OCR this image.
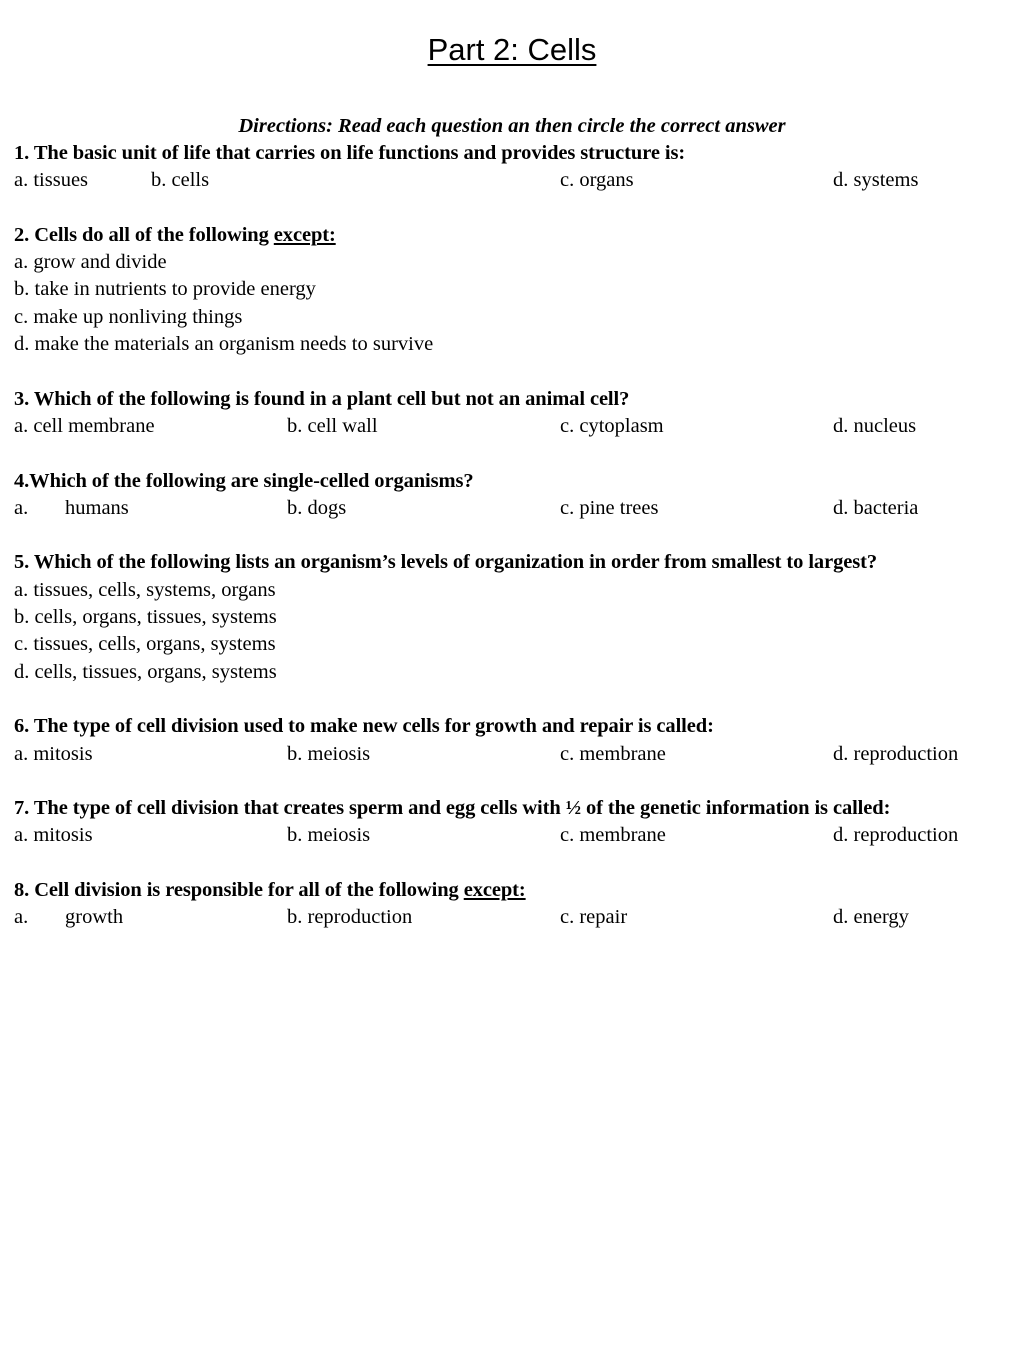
Part 2: Cells
Directions: Read each question an then circle the correct answer
1. The basic unit of life that carries on life functions and provides structure is:
a. tissues	b. cells	c. organs	d. systems
2. Cells do all of the following except:
a. grow and divide
b. take in nutrients to provide energy
c. make up nonliving things
d. make the materials an organism needs to survive
3. Which of the following is found in a plant cell but not an animal cell?
a. cell membrane	b. cell wall	c. cytoplasm	d. nucleus
4.Which of the following are single-celled organisms?
a. humans	b. dogs	c. pine trees	d. bacteria
5. Which of the following lists an organism’s levels of organization in order from smallest to largest?
a. tissues, cells, systems, organs
b. cells, organs, tissues, systems
c. tissues, cells, organs, systems
d. cells, tissues, organs, systems
6. The type of cell division used to make new cells for growth and repair is called:
a. mitosis	b. meiosis	c. membrane	d. reproduction
7. The type of cell division that creates sperm and egg cells with ½ of the genetic information is called:
a. mitosis	b. meiosis	c. membrane	d. reproduction
8. Cell division is responsible for all of the following except:
a. growth	b. reproduction	c. repair	d. energy
